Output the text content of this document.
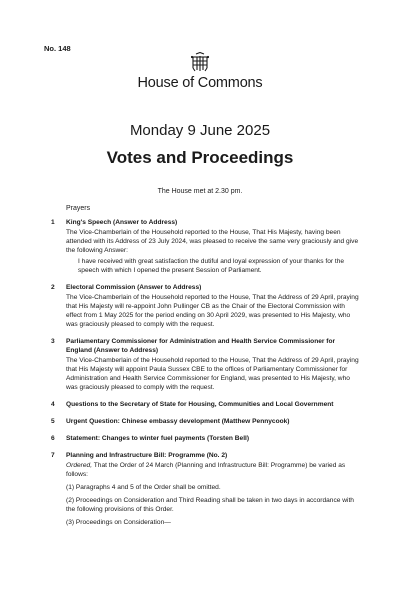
No. 148
House of Commons
Monday 9 June 2025
Votes and Proceedings
The House met at 2.30 pm.
Prayers
1 King's Speech (Answer to Address)
The Vice-Chamberlain of the Household reported to the House, That His Majesty, having been attended with its Address of 23 July 2024, was pleased to receive the same very graciously and give the following Answer:
I have received with great satisfaction the dutiful and loyal expression of your thanks for the speech with which I opened the present Session of Parliament.
2 Electoral Commission (Answer to Address)
The Vice-Chamberlain of the Household reported to the House, That the Address of 29 April, praying that His Majesty will re-appoint John Pullinger CB as the Chair of the Electoral Commission with effect from 1 May 2025 for the period ending on 30 April 2029, was presented to His Majesty, who was graciously pleased to comply with the request.
3 Parliamentary Commissioner for Administration and Health Service Commissioner for England (Answer to Address)
The Vice-Chamberlain of the Household reported to the House, That the Address of 29 April, praying that His Majesty will appoint Paula Sussex CBE to the offices of Parliamentary Commissioner for Administration and Health Service Commissioner for England, was presented to His Majesty, who was graciously pleased to comply with the request.
4 Questions to the Secretary of State for Housing, Communities and Local Government
5 Urgent Question: Chinese embassy development (Matthew Pennycook)
6 Statement: Changes to winter fuel payments (Torsten Bell)
7 Planning and Infrastructure Bill: Programme (No. 2)
Ordered, That the Order of 24 March (Planning and Infrastructure Bill: Programme) be varied as follows:
(1) Paragraphs 4 and 5 of the Order shall be omitted.
(2) Proceedings on Consideration and Third Reading shall be taken in two days in accordance with the following provisions of this Order.
(3) Proceedings on Consideration—
